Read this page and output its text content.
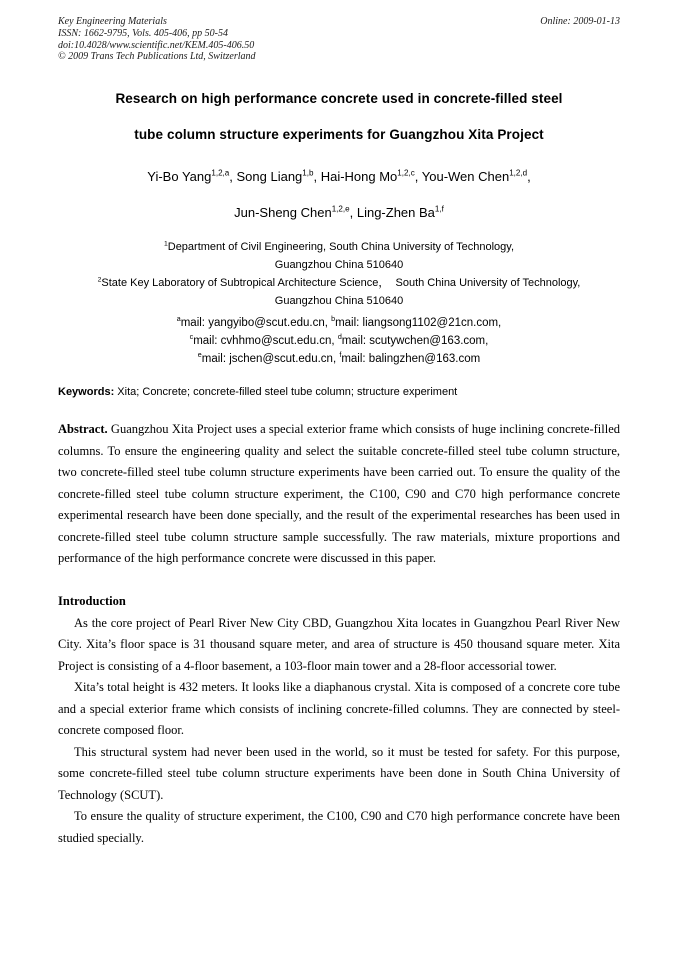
Key Engineering Materials
ISSN: 1662-9795, Vols. 405-406, pp 50-54
doi:10.4028/www.scientific.net/KEM.405-406.50
© 2009 Trans Tech Publications Ltd, Switzerland
Online: 2009-01-13
Research on high performance concrete used in concrete-filled steel
tube column structure experiments for Guangzhou Xita Project
Yi-Bo Yang$^{1,2,a}$, Song Liang$^{1,b}$, Hai-Hong Mo$^{1,2,c}$, You-Wen Chen$^{1,2,d}$,
Jun-Sheng Chen$^{1,2,e}$, Ling-Zhen Ba$^{1,f}$
$^1$Department of Civil Engineering, South China University of Technology,
Guangzhou China 510640
$^2$State Key Laboratory of Subtropical Architecture Science，  South China University of Technology,
Guangzhou China 510640
$^a$mail: yangyibo@scut.edu.cn, $^b$mail: liangsong1102@21cn.com,
$^c$mail: cvhhmo@scut.edu.cn, $^d$mail: scutywchen@163.com,
$^e$mail: jschen@scut.edu.cn, $^f$mail: balingzhen@163.com

Keywords: Xita; Concrete; concrete-filled steel tube column; structure experiment

Abstract. Guangzhou Xita Project uses a special exterior frame which consists of huge inclining concrete-filled columns. To ensure the engineering quality and select the suitable concrete-filled steel tube column structure, two concrete-filled steel tube column structure experiments have been carried out. To ensure the quality of the concrete-filled steel tube column structure experiment, the C100, C90 and C70 high performance concrete experimental research have been done specially, and the result of the experimental researches has been used in concrete-filled steel tube column structure sample successfully. The raw materials, mixture proportions and performance of the high performance concrete were discussed in this paper.

Introduction

As the core project of Pearl River New City CBD, Guangzhou Xita locates in Guangzhou Pearl River New City. Xita’s floor space is 31 thousand square meter, and area of structure is 450 thousand square meter. Xita Project is consisting of a 4-floor basement, a 103-floor main tower and a 28-floor accessorial tower.

Xita’s total height is 432 meters. It looks like a diaphanous crystal. Xita is composed of a concrete core tube and a special exterior frame which consists of inclining concrete-filled columns. They are connected by steel-concrete composed floor.

This structural system had never been used in the world, so it must be tested for safety. For this purpose, some concrete-filled steel tube column structure experiments have been done in South China University of Technology (SCUT).

To ensure the quality of structure experiment, the C100, C90 and C70 high performance concrete have been studied specially.
